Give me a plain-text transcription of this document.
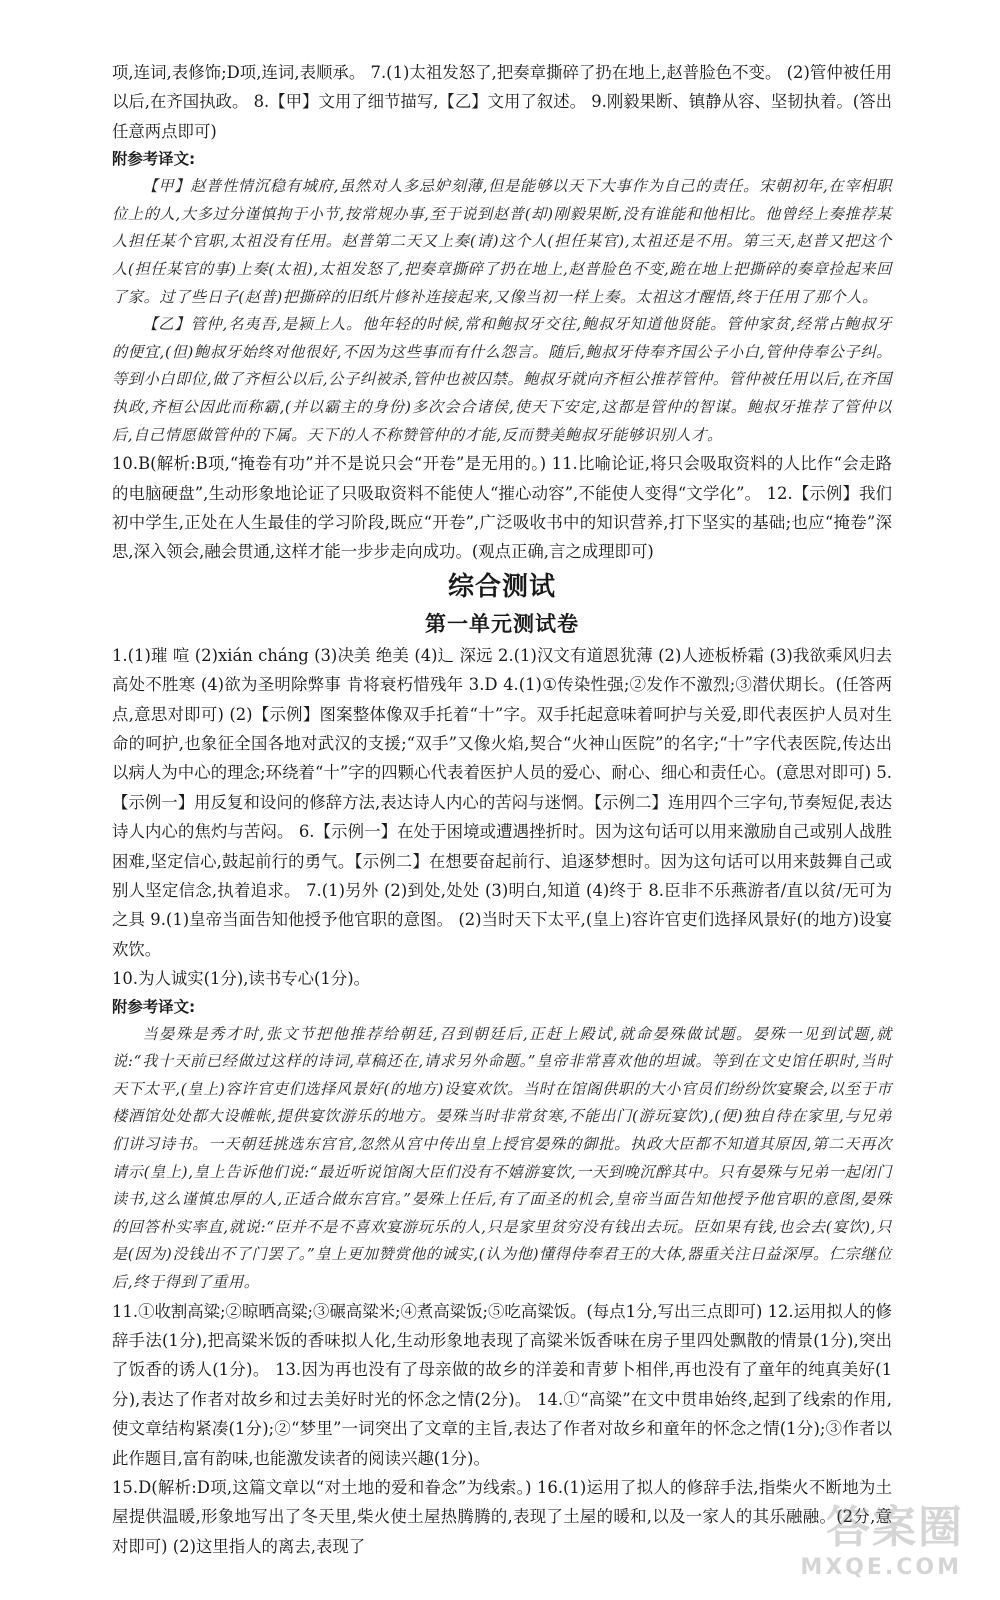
项,连词,表修饰;D项,连词,表顺承。 7.(1)太祖发怒了,把奏章撕碎了扔在地上,赵普脸色不变。 (2)管仲被任用以后,在齐国执政。 8.【甲】文用了细节描写,【乙】文用了叙述。 9.刚毅果断、镇静从容、坚韧执着。(答出任意两点即可)

附参考译文:

【甲】赵普性情沉稳有城府,虽然对人多忌妒刻薄,但是能够以天下大事作为自己的责任。宋朝初年,在宰相职位上的人,大多过分谨慎拘于小节,按常规办事,至于说到赵普(却)刚毅果断,没有谁能和他相比。他曾经上奏推荐某人担任某个官职,太祖没有任用。赵普第二天又上奏(请)这个人(担任某官),太祖还是不用。第三天,赵普又把这个人(担任某官的事)上奏(太祖),太祖发怒了,把奏章撕碎了扔在地上,赵普脸色不变,跪在地上把撕碎的奏章捡起来回了家。过了些日子(赵普)把撕碎的旧纸片修补连接起来,又像当初一样上奏。太祖这才醒悟,终于任用了那个人。

【乙】管仲,名夷吾,是颍上人。他年轻的时候,常和鲍叔牙交往,鲍叔牙知道他贤能。管仲家贫,经常占鲍叔牙的便宜,(但)鲍叔牙始终对他很好,不因为这些事而有什么怨言。随后,鲍叔牙侍奉齐国公子小白,管仲侍奉公子纠。等到小白即位,做了齐桓公以后,公子纠被杀,管仲也被囚禁。鲍叔牙就向齐桓公推荐管仲。管仲被任用以后,在齐国执政,齐桓公因此而称霸,(并以霸主的身份)多次会合诸侯,使天下安定,这都是管仲的智谋。鲍叔牙推荐了管仲以后,自己情愿做管仲的下属。天下的人不称赞管仲的才能,反而赞美鲍叔牙能够识别人才。

10.B(解析:B项,“掩卷有功”并不是说只会“开卷”是无用的。) 11.比喻论证,将只会吸取资料的人比作“会走路的电脑硬盘”,生动形象地论证了只吸取资料不能使人“摧心动容”,不能使人变得“文学化”。 12.【示例】我们初中学生,正处在人生最佳的学习阶段,既应“开卷”,广泛吸收书中的知识营养,打下坚实的基础;也应“掩卷”深思,深入领会,融会贯通,这样才能一步步走向成功。(观点正确,言之成理即可)

综合测试

第一单元测试卷

1.(1)璀 喧 (2)xián cháng (3)决美 绝美 (4)辶 深远 2.(1)汉文有道恩犹薄 (2)人迹板桥霜 (3)我欲乘风归去 高处不胜寒 (4)欲为圣明除弊事 肯将衰朽惜残年 3.D 4.(1)①传染性强;②发作不激烈;③潜伏期长。(任答两点,意思对即可) (2)【示例】图案整体像双手托着“十”字。双手托起意味着呵护与关爱,即代表医护人员对生命的呵护,也象征全国各地对武汉的支援;“双手”又像火焰,契合“火神山医院”的名字;“十”字代表医院,传达出以病人为中心的理念;环绕着“十”字的四颗心代表着医护人员的爱心、耐心、细心和责任心。(意思对即可) 5.【示例一】用反复和设问的修辞方法,表达诗人内心的苦闷与迷惘。【示例二】连用四个三字句,节奏短促,表达诗人内心的焦灼与苦闷。 6.【示例一】在处于困境或遭遇挫折时。因为这句话可以用来激励自己或别人战胜困难,坚定信心,鼓起前行的勇气。【示例二】在想要奋起前行、追逐梦想时。因为这句话可以用来鼓舞自己或别人坚定信念,执着追求。 7.(1)另外 (2)到处,处处 (3)明白,知道 (4)终于 8.臣非不乐燕游者/直以贫/无可为之具 9.(1)皇帝当面告知他授予他官职的意图。 (2)当时天下太平,(皇上)容许官吏们选择风景好(的地方)设宴欢饮。

10.为人诚实(1分),读书专心(1分)。

附参考译文:

当晏殊是秀才时,张文节把他推荐给朝廷,召到朝廷后,正赶上殿试,就命晏殊做试题。晏殊一见到试题,就说:“我十天前已经做过这样的诗词,草稿还在,请求另外命题。”皇帝非常喜欢他的坦诚。等到在文史馆任职时,当时天下太平,(皇上)容许官吏们选择风景好(的地方)设宴欢饮。当时在馆阁供职的大小官员们纷纷饮宴聚会,以至于市楼酒馆处处都大设帷帐,提供宴饮游乐的地方。晏殊当时非常贫寒,不能出门(游玩宴饮),(便)独自待在家里,与兄弟们讲习诗书。一天朝廷挑选东宫官,忽然从宫中传出皇上授官晏殊的御批。执政大臣都不知道其原因,第二天再次请示(皇上),皇上告诉他们说:“最近听说馆阁大臣们没有不嬉游宴饮,一天到晚沉醉其中。只有晏殊与兄弟一起闭门读书,这么谨慎忠厚的人,正适合做东宫官。”晏殊上任后,有了面圣的机会,皇帝当面告知他授予他官职的意图,晏殊的回答朴实率直,就说:“臣并不是不喜欢宴游玩乐的人,只是家里贫穷没有钱出去玩。臣如果有钱,也会去(宴饮),只是(因为)没钱出不了门罢了。”皇上更加赞赏他的诚实,(认为他)懂得侍奉君王的大体,器重关注日益深厚。仁宗继位后,终于得到了重用。

11.①收割高粱;②晾晒高粱;③碾高粱米;④煮高粱饭;⑤吃高粱饭。(每点1分,写出三点即可) 12.运用拟人的修辞手法(1分),把高粱米饭的香味拟人化,生动形象地表现了高粱米饭香味在房子里四处飘散的情景(1分),突出了饭香的诱人(1分)。 13.因为再也没有了母亲做的故乡的洋姜和青萝卜相伴,再也没有了童年的纯真美好(1分),表达了作者对故乡和过去美好时光的怀念之情(2分)。 14.①“高粱”在文中贯串始终,起到了线索的作用,使文章结构紧凑(1分);②“梦里”一词突出了文章的主旨,表达了作者对故乡和童年的怀念之情(1分);③作者以此作题目,富有韵味,也能激发读者的阅读兴趣(1分)。

15.D(解析:D项,这篇文章以“对土地的爱和眷念”为线索。) 16.(1)运用了拟人的修辞手法,指柴火不断地为土屋提供温暖,形象地写出了冬天里,柴火使土屋热腾腾的,表现了土屋的暖和,以及一家人的其乐融融。(2分,意对即可) (2)这里指人的离去,表现了	答案圈
MXQE.COM
